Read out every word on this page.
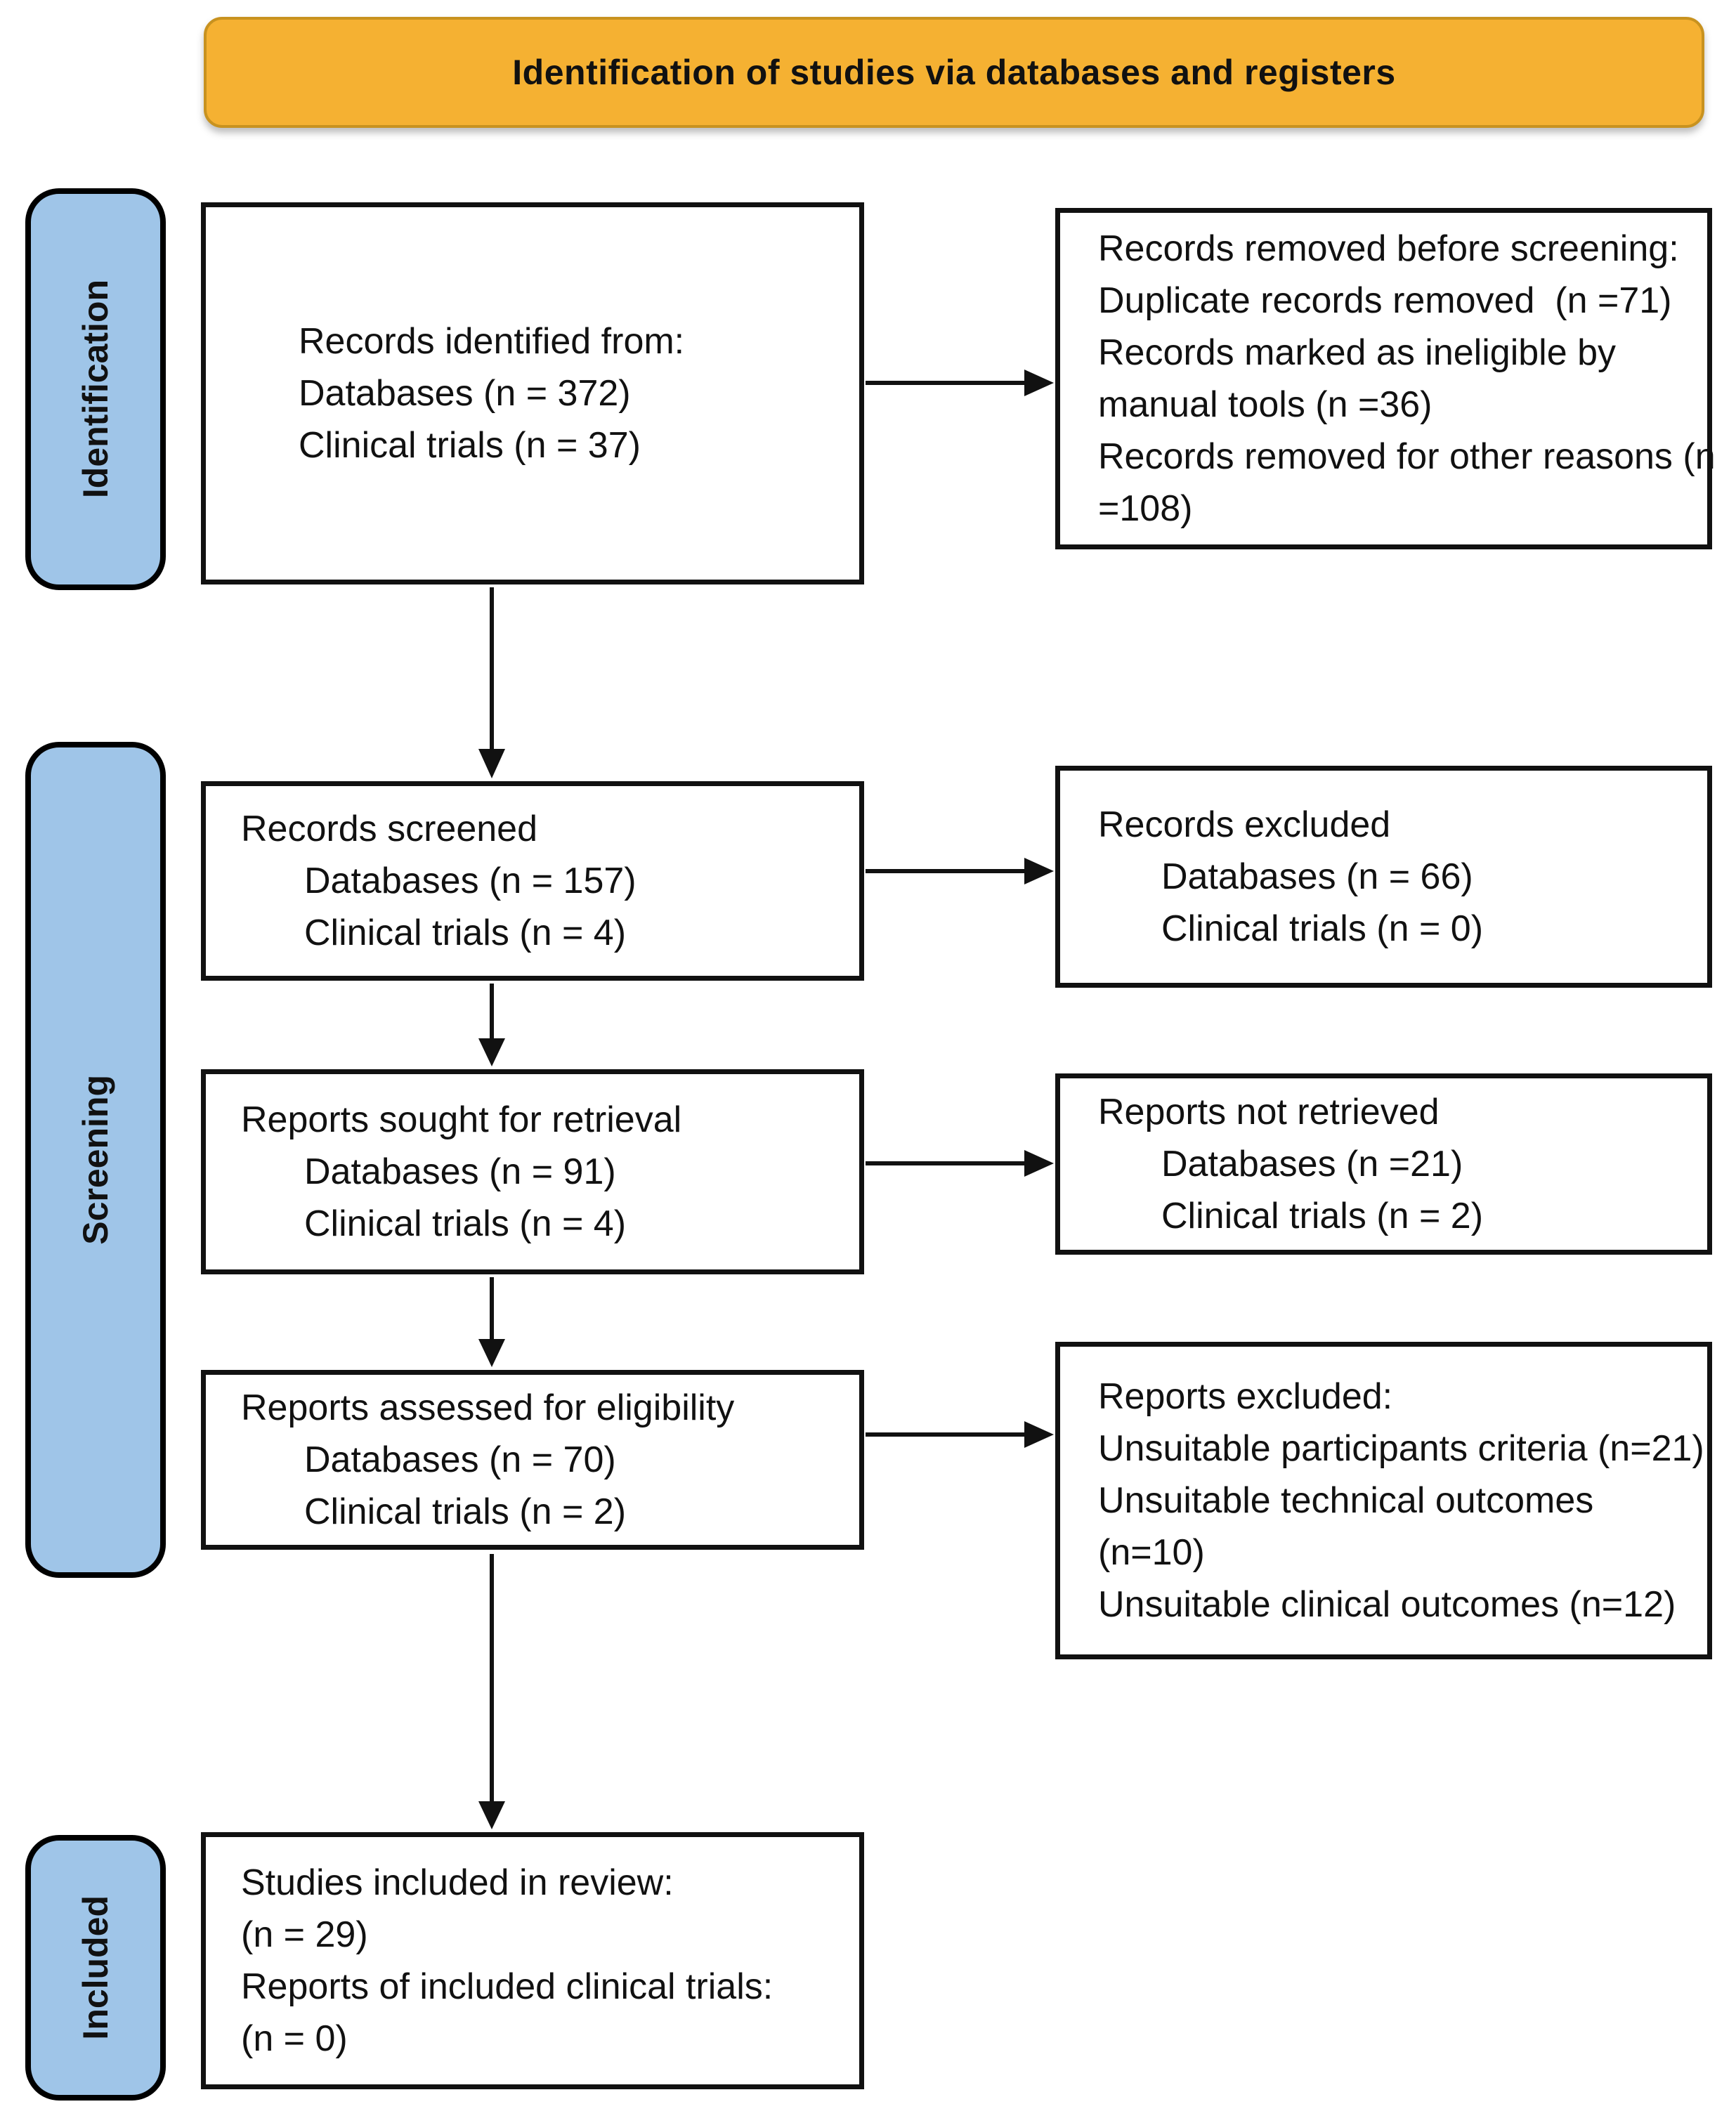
Identification of studies via databases and registers
Identification
Screening
Included
Records identified from:
Databases (n = 372)
Clinical trials (n = 37)
Records screened
Databases (n = 157)
Clinical trials (n = 4)
Reports sought for retrieval
Databases (n = 91)
Clinical trials (n = 4)
Reports assessed for eligibility
Databases (n = 70)
Clinical trials (n = 2)
Studies included in review:
(n = 29)
Reports of included clinical trials:
(n = 0)
Records removed before screening:
Duplicate records removed  (n =71)
Records marked as ineligible by
manual tools (n =36)
Records removed for other reasons (n
=108)
Records excluded
Databases (n = 66)
Clinical trials (n = 0)
Reports not retrieved
Databases (n =21)
Clinical trials (n = 2)
Reports excluded:
Unsuitable participants criteria (n=21)
Unsuitable technical outcomes
(n=10)
Unsuitable clinical outcomes (n=12)
